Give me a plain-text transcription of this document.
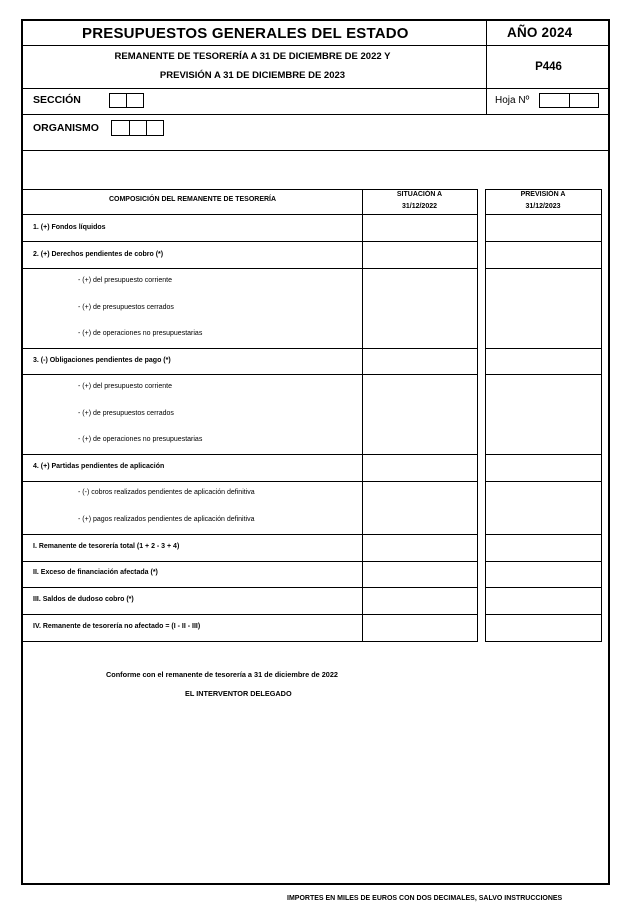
PRESUPUESTOS GENERALES DEL ESTADO	AÑO 2024
REMANENTE DE TESORERÍA A 31 DE DICIEMBRE DE 2022 Y
PREVISIÓN A 31 DE DICIEMBRE DE 2023
P446
SECCIÓN	Hoja Nº
ORGANISMO
COMPOSICIÓN DEL REMANENTE DE TESORERÍA
SITUACIÓN A
31/12/2022
PREVISIÓN A
31/12/2023
1. (+) Fondos líquidos
2. (+) Derechos pendientes de cobro (*)
- (+) del presupuesto corriente
- (+) de presupuestos cerrados
- (+) de operaciones no presupuestarias
3. (-) Obligaciones pendientes de pago (*)
- (+) del presupuesto corriente
- (+) de presupuestos cerrados
- (+) de operaciones no presupuestarias
4. (+) Partidas pendientes de aplicación
- (-) cobros realizados pendientes de aplicación definitiva
- (+) pagos realizados pendientes de aplicación definitiva
I. Remanente de tesorería total (1 + 2 - 3 + 4)
II. Exceso de financiación afectada (*)
III. Saldos de dudoso cobro (*)
IV. Remanente de tesorería no afectado = (I - II - III)
Conforme con el remanente de tesorería a 31 de diciembre de 2022
EL INTERVENTOR DELEGADO
IMPORTES EN MILES DE EUROS CON DOS DECIMALES, SALVO INSTRUCCIONES
